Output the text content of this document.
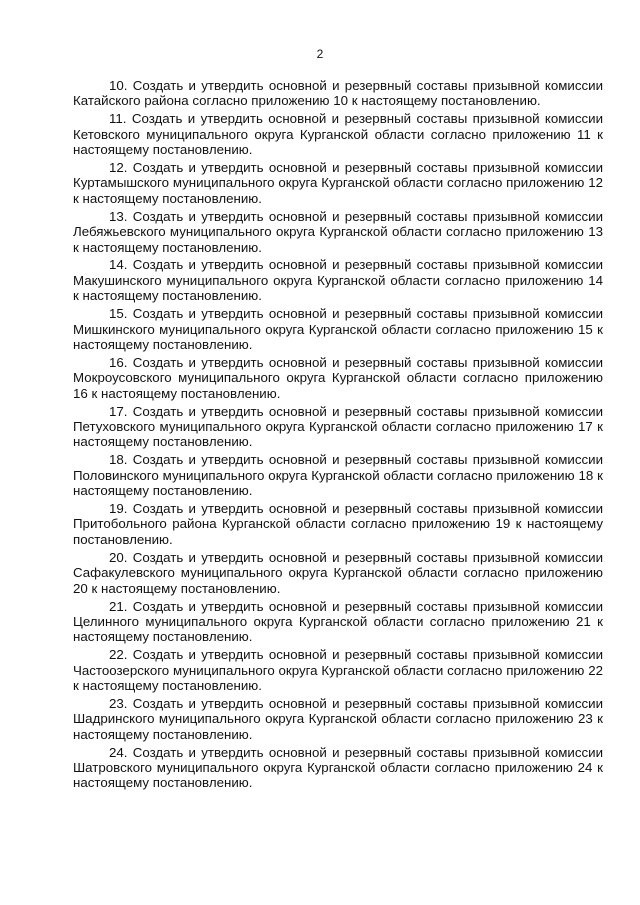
2

10. Создать и утвердить основной и резервный составы призывной комиссии Катайского района согласно приложению 10 к настоящему постановлению.

11. Создать и утвердить основной и резервный составы призывной комиссии Кетовского муниципального округа Курганской области согласно приложению 11 к настоящему постановлению.

12. Создать и утвердить основной и резервный составы призывной комиссии Куртамышского муниципального округа Курганской области согласно приложению 12 к настоящему постановлению.

13. Создать и утвердить основной и резервный составы призывной комиссии Лебяжьевского муниципального округа Курганской области согласно приложению 13 к настоящему постановлению.

14. Создать и утвердить основной и резервный составы призывной комиссии Макушинского муниципального округа Курганской области согласно приложению 14 к настоящему постановлению.

15. Создать и утвердить основной и резервный составы призывной комиссии Мишкинского муниципального округа Курганской области согласно приложению 15 к настоящему постановлению.

16. Создать и утвердить основной и резервный составы призывной комиссии Мокроусовского муниципального округа Курганской области согласно приложению 16 к настоящему постановлению.

17. Создать и утвердить основной и резервный составы призывной комиссии Петуховского муниципального округа Курганской области согласно приложению 17 к настоящему постановлению.

18. Создать и утвердить основной и резервный составы призывной комиссии Половинского муниципального округа Курганской области согласно приложению 18 к настоящему постановлению.

19. Создать и утвердить основной и резервный составы призывной комиссии Притобольного района Курганской области согласно приложению 19 к настоящему постановлению.

20. Создать и утвердить основной и резервный составы призывной комиссии Сафакулевского муниципального округа Курганской области согласно приложению 20 к настоящему постановлению.

21. Создать и утвердить основной и резервный составы призывной комиссии Целинного муниципального округа Курганской области согласно приложению 21 к настоящему постановлению.

22. Создать и утвердить основной и резервный составы призывной комиссии Частоозерского муниципального округа Курганской области согласно приложению 22 к настоящему постановлению.

23. Создать и утвердить основной и резервный составы призывной комиссии Шадринского муниципального округа Курганской области согласно приложению 23 к настоящему постановлению.

24. Создать и утвердить основной и резервный составы призывной комиссии Шатровского муниципального округа Курганской области согласно приложению 24 к настоящему постановлению.
